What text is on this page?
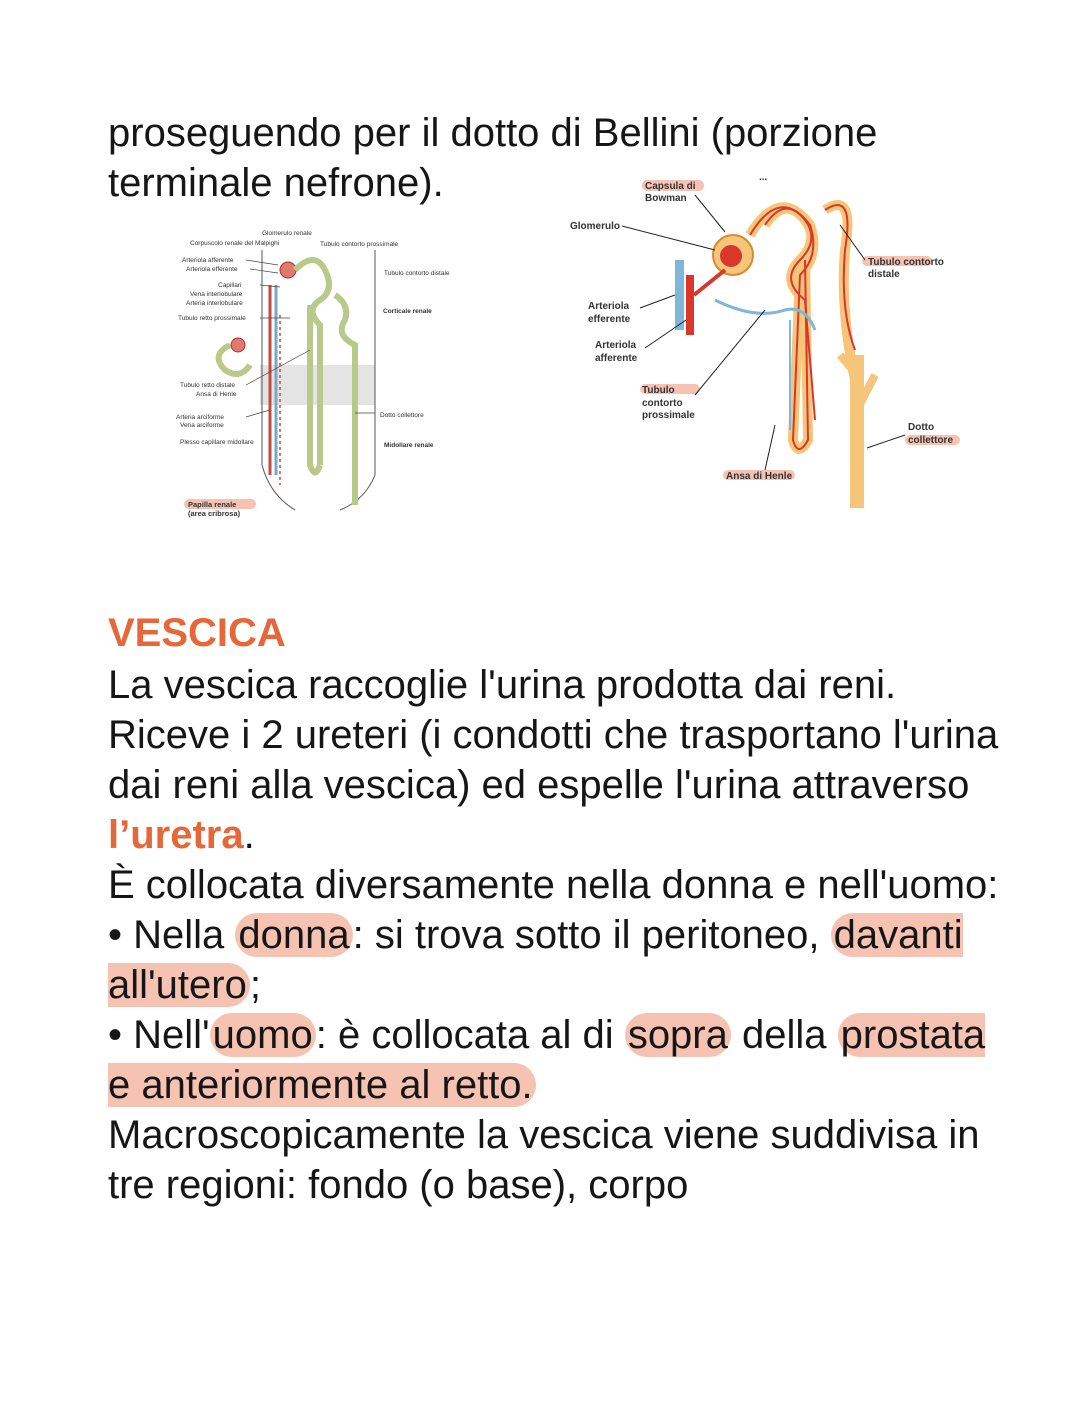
proseguendo per il dotto di Bellini (porzione terminale nefrone).

Glomerulo renale
Corpuscolo renale del Malpighi	Tubulo contorto prossimale
Arteriola afferente
Arteriola efferente
Capillari
Vena interlobulare
Arteria interlobulare
Tubulo retto prossimale
Tubulo contorto distale
Corticale renale
Tubulo retto distale
Ansa di Henle
Arteria arciforme
Vena arciforme
Plesso capillare midollare
Dotto collettore
Midollare renale
Papilla renale
(area cribrosa)
Capsula di
Bowman
...
Glomerulo
Tubulo contorto
distale
Arteriola
efferente
Arteriola
afferente
Tubulo
contorto
prossimale
Dotto
collettore
Ansa di Henle
VESCICA
La vescica raccoglie l'urina prodotta dai reni.
Riceve i 2 ureteri (i condotti che trasportano l'urina dai reni alla vescica) ed espelle l'urina attraverso l’uretra.
È collocata diversamente nella donna e nell'uomo:
• Nella donna: si trova sotto il peritoneo, davanti all'utero;
• Nell'uomo: è collocata al di sopra della prostata e anteriormente al retto.
Macroscopicamente la vescica viene suddivisa in tre regioni: fondo (o base), corpo
